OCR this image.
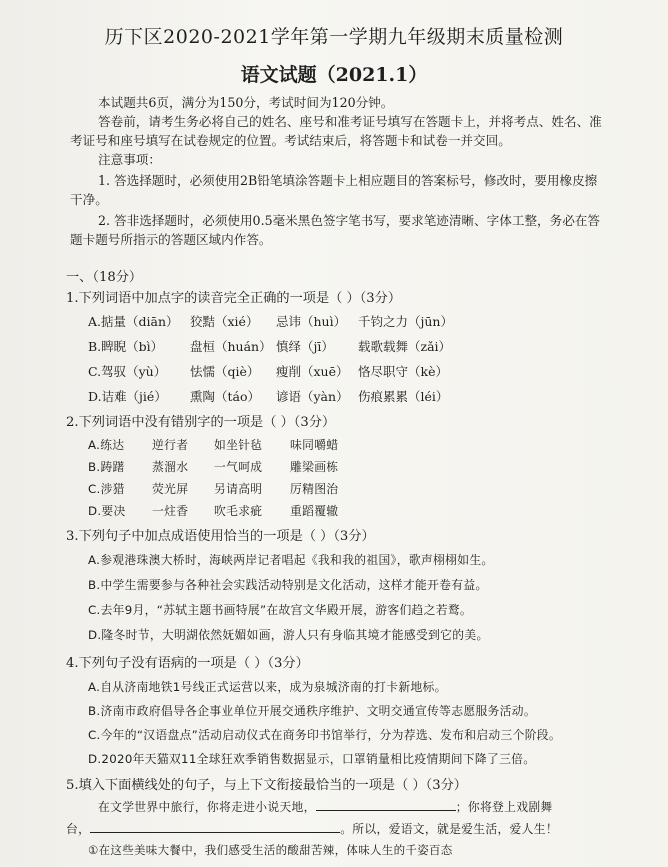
历下区2020-2021学年第一学期九年级期末质量检测
语文试题（2021.1）
本试题共6页，满分为150分，考试时间为120分钟。
答卷前，请考生务必将自己的姓名、座号和准考证号填写在答题卡上，并将考点、姓名、准
考证号和座号填写在试卷规定的位置。考试结束后，将答题卡和试卷一并交回。
注意事项：
1. 答选择题时，必须使用2B铅笔填涂答题卡上相应题目的答案标号，修改时，要用橡皮擦
干净。
2. 答非选择题时，必须使用0.5毫米黑色签字笔书写，要求笔迹清晰、字体工整，务必在答
题卡题号所指示的答题区域内作答。
一、（18分）
1.下列词语中加点字的读音完全正确的一项是（ ）（3分）
A.掂量（diān） 狡黠（xié） 忌讳（huì） 千钧之力（jūn）
B.睥睨（bì） 盘桓（huán） 慎绎（jī） 载歌载舞（zǎi）
C.驾驭（yù） 怯懦（qiè） 瘦削（xuē） 恪尽职守（kè）
D.诘难（jié） 熏陶（táo） 谚语（yàn） 伤痕累累（léi）
2.下列词语中没有错别字的一项是（ ）（3分）
A.练达 逆行者 如坐针毡 味同嚼蜡
B.踌躇 蒸溜水 一气呵成 雕梁画栋
C.涉猎 荧光屏 另请高明 厉精图治
D.要决 一炷香 吹毛求疵 重蹈覆辙
3.下列句子中加点成语使用恰当的一项是（ ）（3分）
A.参观港珠澳大桥时，海峡两岸记者唱起《我和我的祖国》，歌声栩栩如生。
B.中学生需要参与各种社会实践活动特别是文化活动，这样才能开卷有益。
C.去年9月，“苏轼主题书画特展”在故宫文华殿开展，游客们趋之若鹜。
D.隆冬时节，大明湖依然妩媚如画，游人只有身临其境才能感受到它的美。
4.下列句子没有语病的一项是（ ）（3分）
A.自从济南地铁1号线正式运营以来，成为泉城济南的打卡新地标。
B.济南市政府倡导各企事业单位开展交通秩序维护、文明交通宣传等志愿服务活动。
C.今年的“汉语盘点”活动启动仪式在商务印书馆举行，分为荐选、发布和启动三个阶段。
D.2020年天猫双11全球狂欢季销售数据显示，口罩销量相比疫情期间下降了三倍。
5.填入下面横线处的句子，与上下文衔接最恰当的一项是（ ）（3分）
在文学世界中旅行，你将走进小说天地，	；你将登上戏剧舞
台，	。所以，爱语文，就是爱生活，爱人生！
①在这些美味大餐中，我们感受生活的酸甜苦辣，体味人生的千姿百态
